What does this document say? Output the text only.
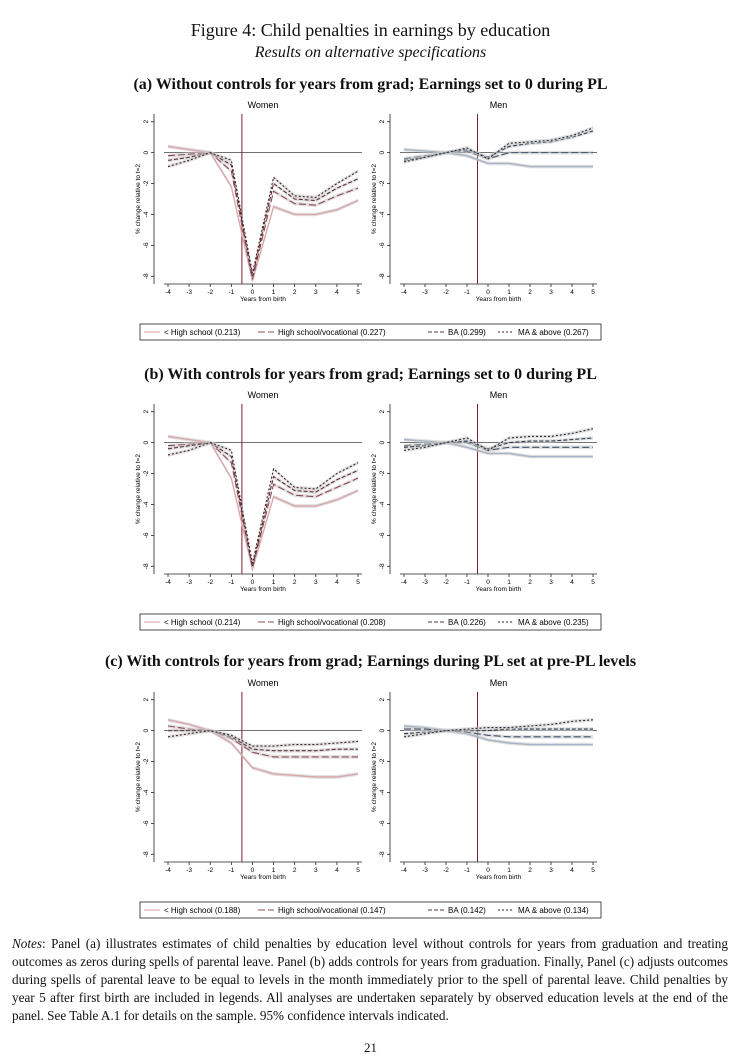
Figure 4: Child penalties in earnings by education
Results on alternative specifications
(a) Without controls for years from grad; Earnings set to 0 during PL
Women
2
0
-2
-4
-6
-8
% change relative to t=2
-4 -3 -2 -1	0	1	2	3	4	5
Years from birth
Men
2
0
-2
-4
-6
-8
% change relative to t=2
-4 -3 -2 -1	0	1	2	3	4	5
Years from birth
< High school (0.213)	High school/vocational (0.227)	BA (0.299)	MA & above (0.267)
(b) With controls for years from grad; Earnings set to 0 during PL
Women
2
0
-2
-4
-6
-8
% change relative to t=2
-4 -3 -2 -1	0	1	2	3	4	5
Years from birth
Men
2
0
-2
-4
-6
-8
% change relative to t=2
-4 -3 -2 -1	0	1	2	3	4	5
Years from birth
< High school (0.214)	High school/vocational (0.208)	BA (0.226)	MA & above (0.235)
(c) With controls for years from grad; Earnings during PL set at pre-PL levels
Women
2
0
-2
-4
-6
-8
% change relative to t=2
-4 -3 -2 -1	0	1	2	3	4	5
Years from birth
Men
2
0
-2
-4
-6
-8
% change relative to t=2
-4 -3 -2 -1	0	1	2	3	4	5
Years from birth
< High school (0.188)	High school/vocational (0.147)	BA (0.142)	MA & above (0.134)
Notes: Panel (a) illustrates estimates of child penalties by education level without controls for years from graduation and treating outcomes as zeros during spells of parental leave. Panel (b) adds controls for years from graduation. Finally, Panel (c) adjusts outcomes during spells of parental leave to be equal to levels in the month immediately prior to the spell of parental leave. Child penalties by year 5 after first birth are included in legends. All analyses are undertaken separately by observed education levels at the end of the panel. See Table A.1 for details on the sample. 95% confidence intervals indicated.
21
